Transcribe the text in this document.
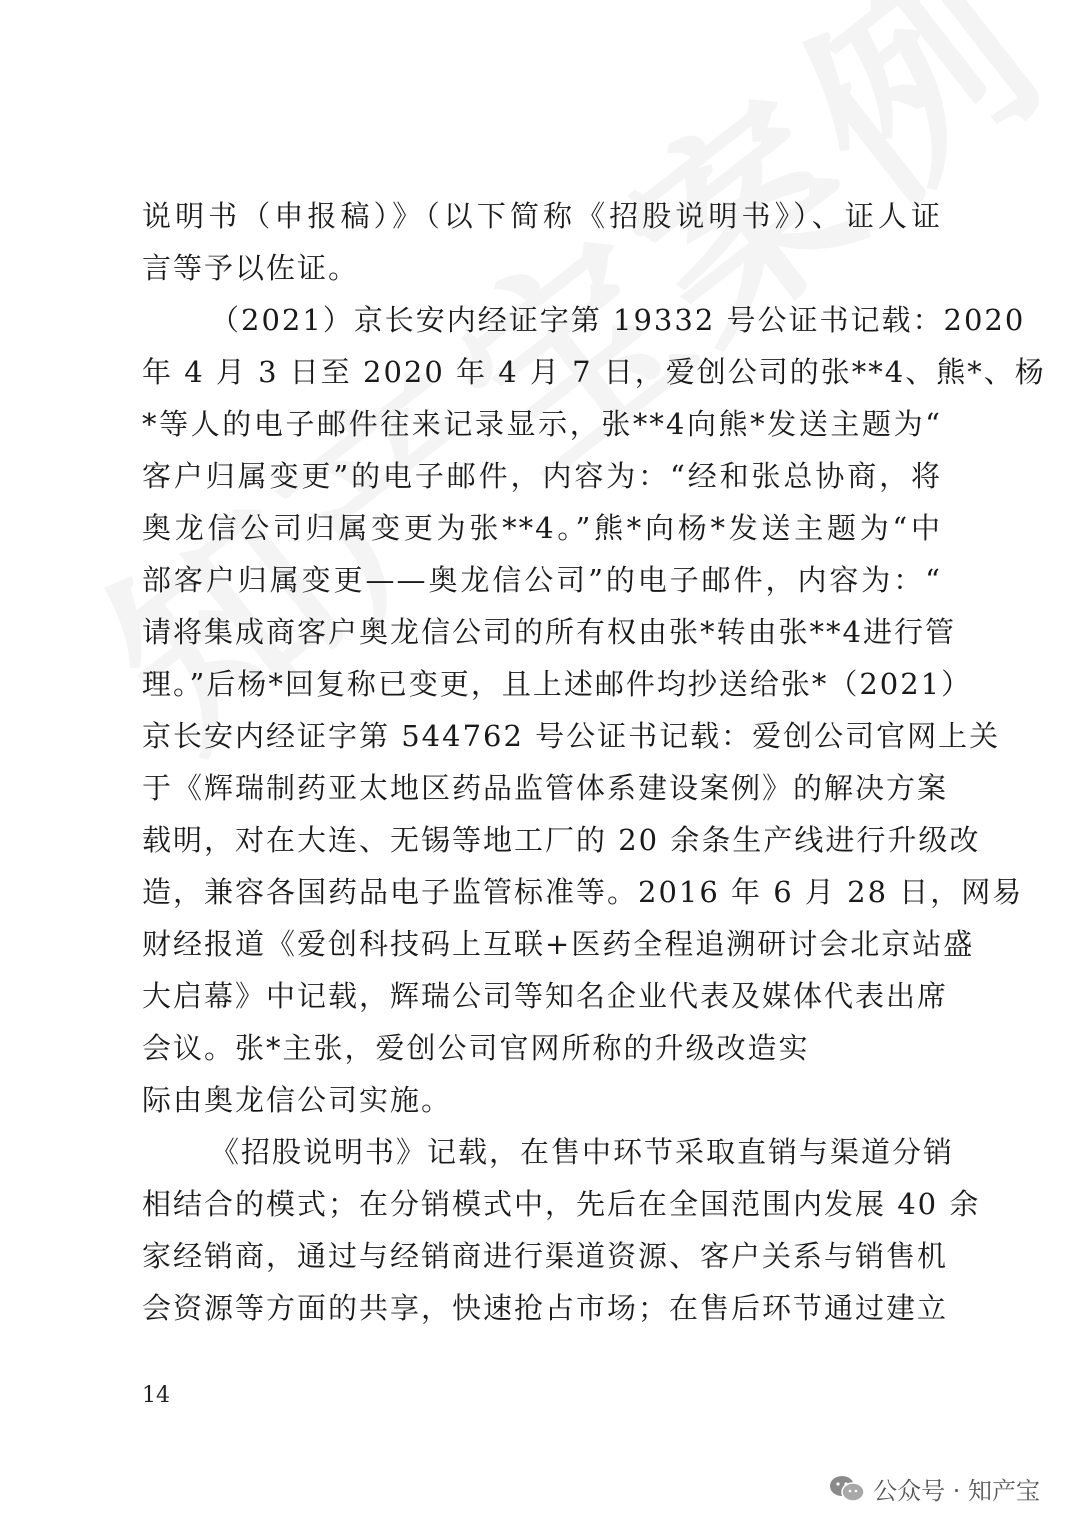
说明书（申报稿）》（以下简称《招股说明书》）、证人证
言等予以佐证。
（2021）京长安内经证字第 19332 号公证书记载：2020
年 4 月 3 日至 2020 年 4 月 7 日，爱创公司的张**4、熊*、杨
*等人的电子邮件往来记录显示，张**4向熊*发送主题为“
客户归属变更”的电子邮件，内容为：“经和张总协商，将
奥龙信公司归属变更为张**4。”熊*向杨*发送主题为“中
部客户归属变更——奥龙信公司”的电子邮件，内容为：“
请将集成商客户奥龙信公司的所有权由张*转由张**4进行管
理。”后杨*回复称已变更，且上述邮件均抄送给张*（2021）
京长安内经证字第 544762 号公证书记载：爱创公司官网上关
于《辉瑞制药亚太地区药品监管体系建设案例》的解决方案
载明，对在大连、无锡等地工厂的 20 余条生产线进行升级改
造，兼容各国药品电子监管标准等。2016 年 6 月 28 日，网易
财经报道《爱创科技码上互联+医药全程追溯研讨会北京站盛
大启幕》中记载，辉瑞公司等知名企业代表及媒体代表出席
会议。张*主张，爱创公司官网所称的升级改造实
际由奥龙信公司实施。
《招股说明书》记载，在售中环节采取直销与渠道分销
相结合的模式；在分销模式中，先后在全国范围内发展 40 余
家经销商，通过与经销商进行渠道资源、客户关系与销售机
会资源等方面的共享，快速抢占市场；在售后环节通过建立
14
公众号 · 知产宝
